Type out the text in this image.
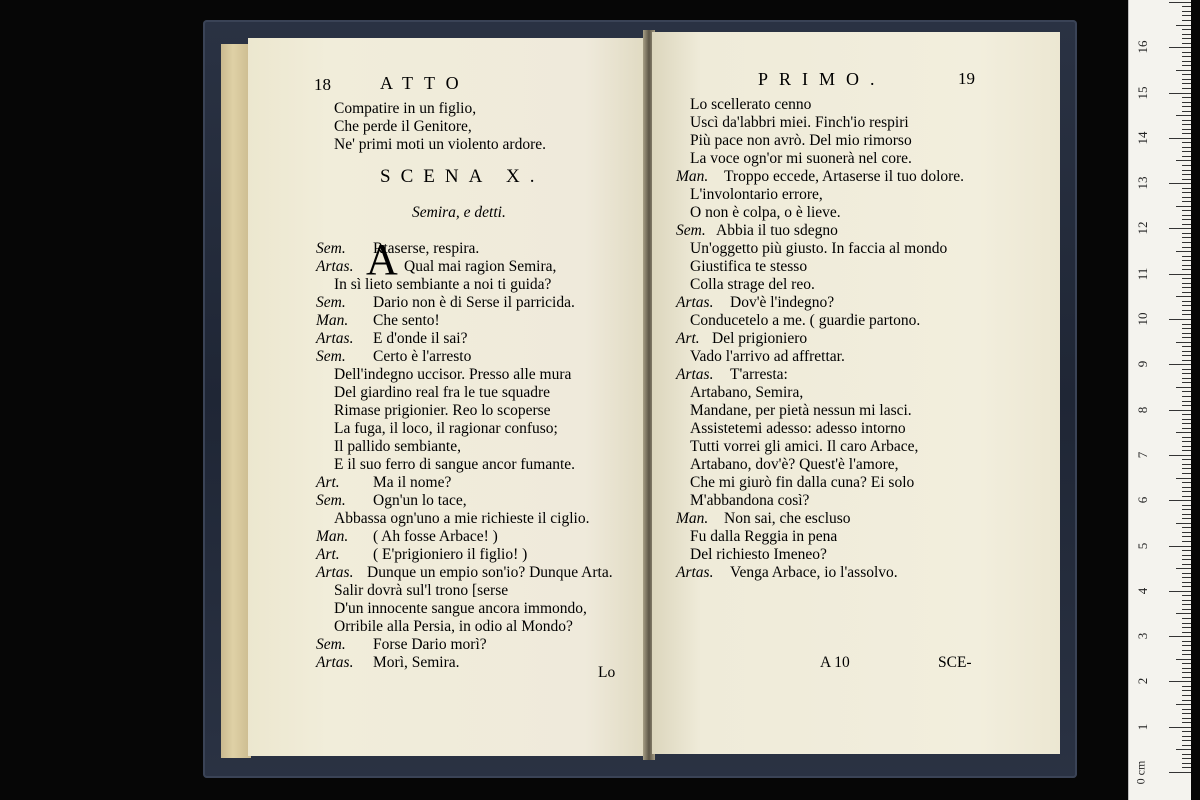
18	ATTO
Compatire in un figlio,
Che perde il Genitore,
Ne' primi moti un violento ardore.
SCENA X.
Semira, e detti.
A
Sem. Rtaserse, respira.
Artas.	Qual mai ragion Semira,
In sì lieto sembiante a noi ti guida?
Sem. Dario non è di Serse il parricida.
Man. Che sento!
Artas. E d'onde il sai?
Sem. Certo è l'arresto
Dell'indegno uccisor. Presso alle mura
Del giardino real fra le tue squadre
Rimase prigionier. Reo lo scoperse
La fuga, il loco, il ragionar confuso;
Il pallido sembiante,
E il suo ferro di sangue ancor fumante.
Art. Ma il nome?
Sem. Ogn'un lo tace,
Abbassa ogn'uno a mie richieste il ciglio.
Man. ( Ah fosse Arbace! )
Art. ( E'prigioniero il figlio! )
Artas. Dunque un empio son'io? Dunque Arta.
Salir dovrà sul'l trono [serse
D'un innocente sangue ancora immondo,
Orribile alla Persia, in odio al Mondo?
Sem. Forse Dario morì?
Artas. Morì, Semira.
Lo
PRIMO.	19
Lo scellerato cenno
Uscì da'labbri miei. Finch'io respiri
Più pace non avrò. Del mio rimorso
La voce ogn'or mi suonerà nel core.
Man. Troppo eccede, Artaserse il tuo dolore.
L'involontario errore,
O non è colpa, o è lieve.
Sem. Abbia il tuo sdegno
Un'oggetto più giusto. In faccia al mondo
Giustifica te stesso
Colla strage del reo.
Artas. Dov'è l'indegno?
Conducetelo a me. ( guardie partono.
Art. Del prigioniero
Vado l'arrivo ad affrettar.
Artas. T'arresta:
Artabano, Semira,
Mandane, per pietà nessun mi lasci.
Assistetemi adesso: adesso intorno
Tutti vorrei gli amici. Il caro Arbace,
Artabano, dov'è? Quest'è l'amore,
Che mi giurò fin dalla cuna? Ei solo
M'abbandona così?
Man. Non sai, che escluso
Fu dalla Reggia in pena
Del richiesto Imeneo?
Artas. Venga Arbace, io l'assolvo.
A 10	SCE-
0 cm
1
2
3
4
5
6
7
8
9
10
11
12
13
14
15
16
